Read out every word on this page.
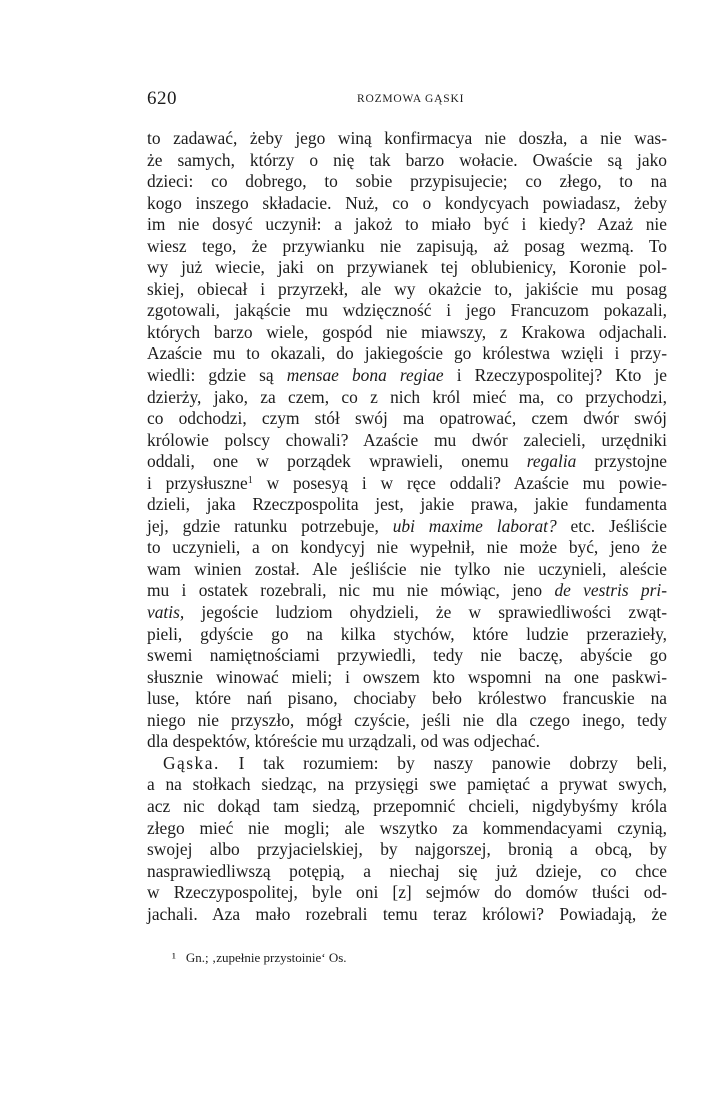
620	ROZMOWA GĄSKI
to zadawać, żeby jego winą konfirmacya nie doszła, a nie was-
że samych, którzy o nię tak barzo wołacie. Owaście są jako
dzieci: co dobrego, to sobie przypisujecie; co złego, to na
kogo inszego składacie. Nuż, co o kondycyach powiadasz, żeby
im nie dosyć uczynił: a jakoż to miało być i kiedy? Azaż nie
wiesz tego, że przywianku nie zapisują, aż posag wezmą. To
wy już wiecie, jaki on przywianek tej oblubienicy, Koronie pol-
skiej, obiecał i przyrzekł, ale wy okażcie to, jakiście mu posag
zgotowali, jakąście mu wdzięczność i jego Francuzom pokazali,
których barzo wiele, gospód nie miawszy, z Krakowa odjachali.
Azaście mu to okazali, do jakiegoście go królestwa wzięli i przy-
wiedli: gdzie są mensae bona regiae i Rzeczypospolitej? Kto je
dzierży, jako, za czem, co z nich król mieć ma, co przychodzi,
co odchodzi, czym stół swój ma opatrować, czem dwór swój
królowie polscy chowali? Azaście mu dwór zalecieli, urzędniki
oddali, one w porządek wprawieli, onemu regalia przystojne
i przysłuszne$^1$ w posesyą i w ręce oddali? Azaście mu powie-
dzieli, jaka Rzeczpospolita jest, jakie prawa, jakie fundamenta
jej, gdzie ratunku potrzebuje, ubi maxime laborat? etc. Jeśliście
to uczynieli, a on kondycyj nie wypełnił, nie może być, jeno że
wam winien został. Ale jeśliście nie tylko nie uczynieli, aleście
mu i ostatek rozebrali, nic mu nie mówiąc, jeno de vestris pri-
vatis, jegoście ludziom ohydzieli, że w sprawiedliwości zwąt-
pieli, gdyście go na kilka stychów, które ludzie przerazieły,
swemi namiętnościami przywiedli, tedy nie baczę, abyście go
słusznie winować mieli; i owszem kto wspomni na one paskwi-
luse, które nań pisano, chociaby beło królestwo francuskie na
niego nie przyszło, mógł czyście, jeśli nie dla czego inego, tedy
dla despektów, któreście mu urządzali, od was odjechać.
Gąska. I tak rozumiem: by naszy panowie dobrzy beli,
a na stołkach siedząc, na przysięgi swe pamiętać a prywat swych,
acz nic dokąd tam siedzą, przepomnić chcieli, nigdybyśmy króla
złego mieć nie mogli; ale wszytko za kommendacyami czynią,
swojej albo przyjacielskiej, by najgorszej, bronią a obcą, by
nasprawiedliwszą potępią, a niechaj się już dzieje, co chce
w Rzeczypospolitej, byle oni [z] sejmów do domów tłuści od-
jachali. Aza mało rozebrali temu teraz królowi? Powiadają, że
¹ Gn.; ‚zupełnie przystoinie‘ Os.
